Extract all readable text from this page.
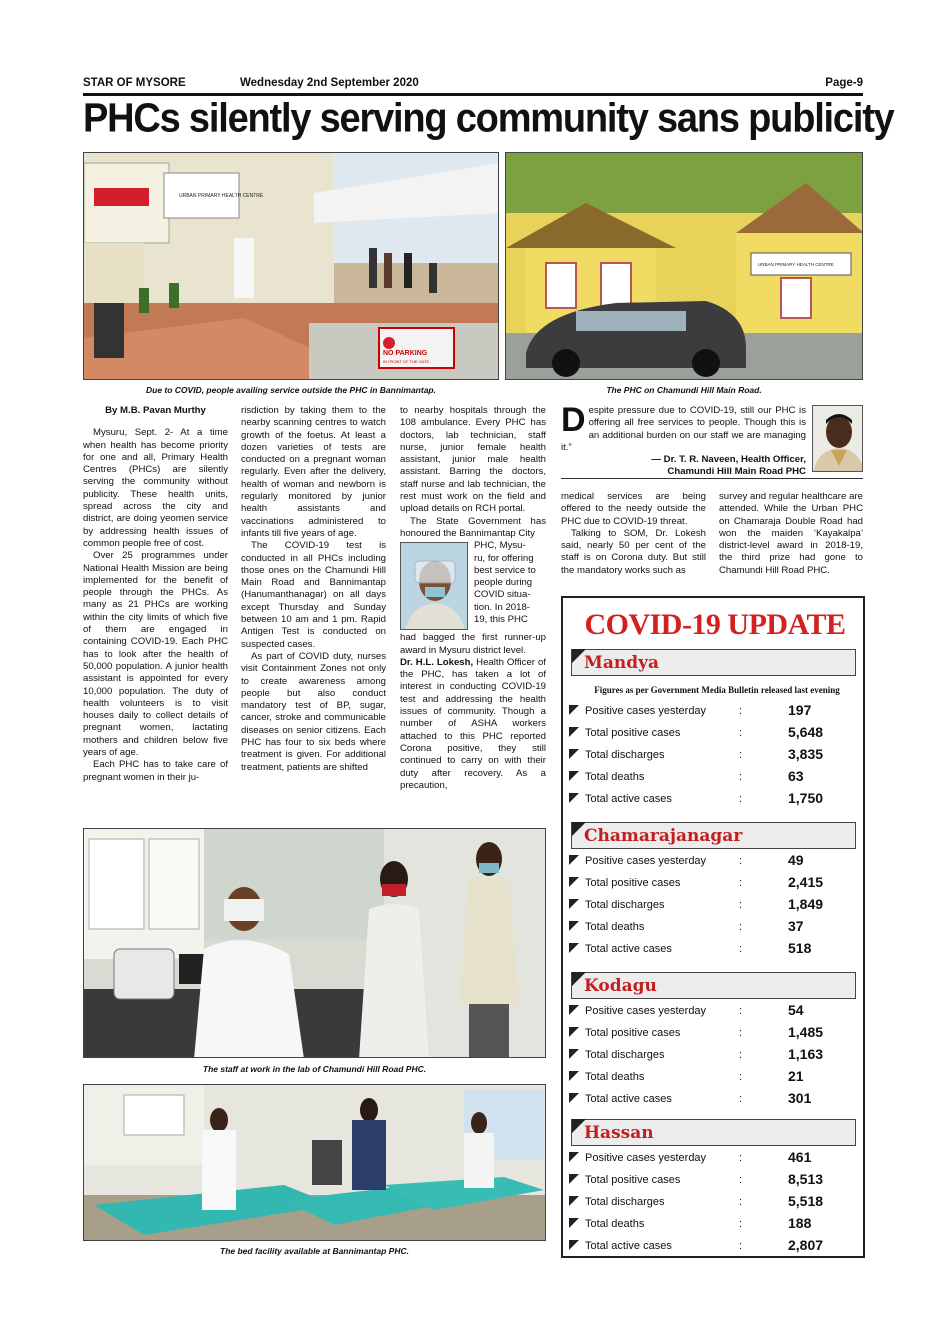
STAR OF MYSORE	Wednesday 2nd September 2020	Page-9
PHCs silently serving community sans publicity
URBAN PRIMARY HEALTH CENTRE
NO PARKING
IN FRONT OF THE GATE
Due to COVID, people availing service outside the PHC in Bannimantap.
URBAN PRIMARY HEALTH CENTRE
The PHC on Chamundi Hill Main Road.

By M.B. Pavan Murthy

Mysuru, Sept. 2- At a time when health has become priority for one and all, Primary Health Centres (PHCs) are silently serving the community without publicity. These health units, spread across the city and district, are doing yeomen service by addressing health issues of common people free of cost.

Over 25 programmes under National Health Mission are being implemented for the benefit of people through the PHCs. As many as 21 PHCs are working within the city limits of which five of them are engaged in containing COVID-19. Each PHC has to look after the health of 50,000 population. A junior health assistant is appointed for every 10,000 population. The duty of health volunteers is to visit houses daily to collect details of pregnant women, lactating mothers and children below five years of age.

Each PHC has to take care of pregnant women in their ju-

risdiction by taking them to the nearby scanning centres to watch growth of the foetus. At least a dozen varieties of tests are conducted on a pregnant woman regularly. Even after the delivery, health of woman and newborn is regularly monitored by junior health assistants and vaccinations administered to infants till five years of age.

The COVID-19 test is conducted in all PHCs including those ones on the Chamundi Hill Main Road and Bannimantap (Hanumanthanagar) on all days except Thursday and Sunday between 10 am and 1 pm. Rapid Antigen Test is conducted on suspected cases.

As part of COVID duty, nurses visit Containment Zones not only to create awareness among people but also conduct mandatory test of BP, sugar, cancer, stroke and communicable diseases on senior citizens. Each PHC has four to six beds where treatment is given. For additional treatment, patients are shifted

to nearby hospitals through the 108 ambulance. Every PHC has doctors, lab technician, staff nurse, junior female health assistant, junior male health assistant. Barring the doctors, staff nurse and lab technician, the rest must work on the field and upload details on RCH portal.

The State Government has honoured the Bannimantap City

PHC, Mysu-

ru, for offering

best service to

people during

COVID situa-

tion. In 2018-

19, this PHC

had bagged the first runner-up award in Mysuru district level.

Dr. H.L. Lokesh, Health Officer of the PHC, has taken a lot of interest in conducting COVID-19 test and addressing the health issues of community. Though a number of ASHA workers attached to this PHC reported Corona positive, they still continued to carry on with their duty after recovery. As a precaution,

D espite pressure due to COVID-19, still our PHC is offering all free services to people. Though this is an additional burden on our staff we are managing it.”
— Dr. T. R. Naveen, Health Officer,
Chamundi Hill Main Road PHC

medical services are being offered to the needy outside the PHC due to COVID-19 threat.

Talking to SOM, Dr. Lokesh said, nearly 50 per cent of the staff is on Corona duty. But still the mandatory works such as

survey and regular healthcare are attended. While the Urban PHC on Chamaraja Double Road had won the maiden ‘Kayakalpa’ district-level award in 2018-19, the third prize had gone to Chamundi Hill Road PHC.

The staff at work in the lab of Chamundi Hill Road PHC.
The bed facility available at Bannimantap PHC.
COVID-19 UPDATE
Mandya
Figures as per Government Media Bulletin released last evening
Positive cases yesterday	:	197
Total positive cases	:	5,648
Total discharges	:	3,835
Total deaths	:	63
Total active cases	:	1,750
Chamarajanagar
Positive cases yesterday	:	49
Total positive cases	:	2,415
Total discharges	:	1,849
Total deaths	:	37
Total active cases	:	518
Kodagu
Positive cases yesterday	:	54
Total positive cases	:	1,485
Total discharges	:	1,163
Total deaths	:	21
Total active cases	:	301
Hassan
Positive cases yesterday	:	461
Total positive cases	:	8,513
Total discharges	:	5,518
Total deaths	:	188
Total active cases	:	2,807
